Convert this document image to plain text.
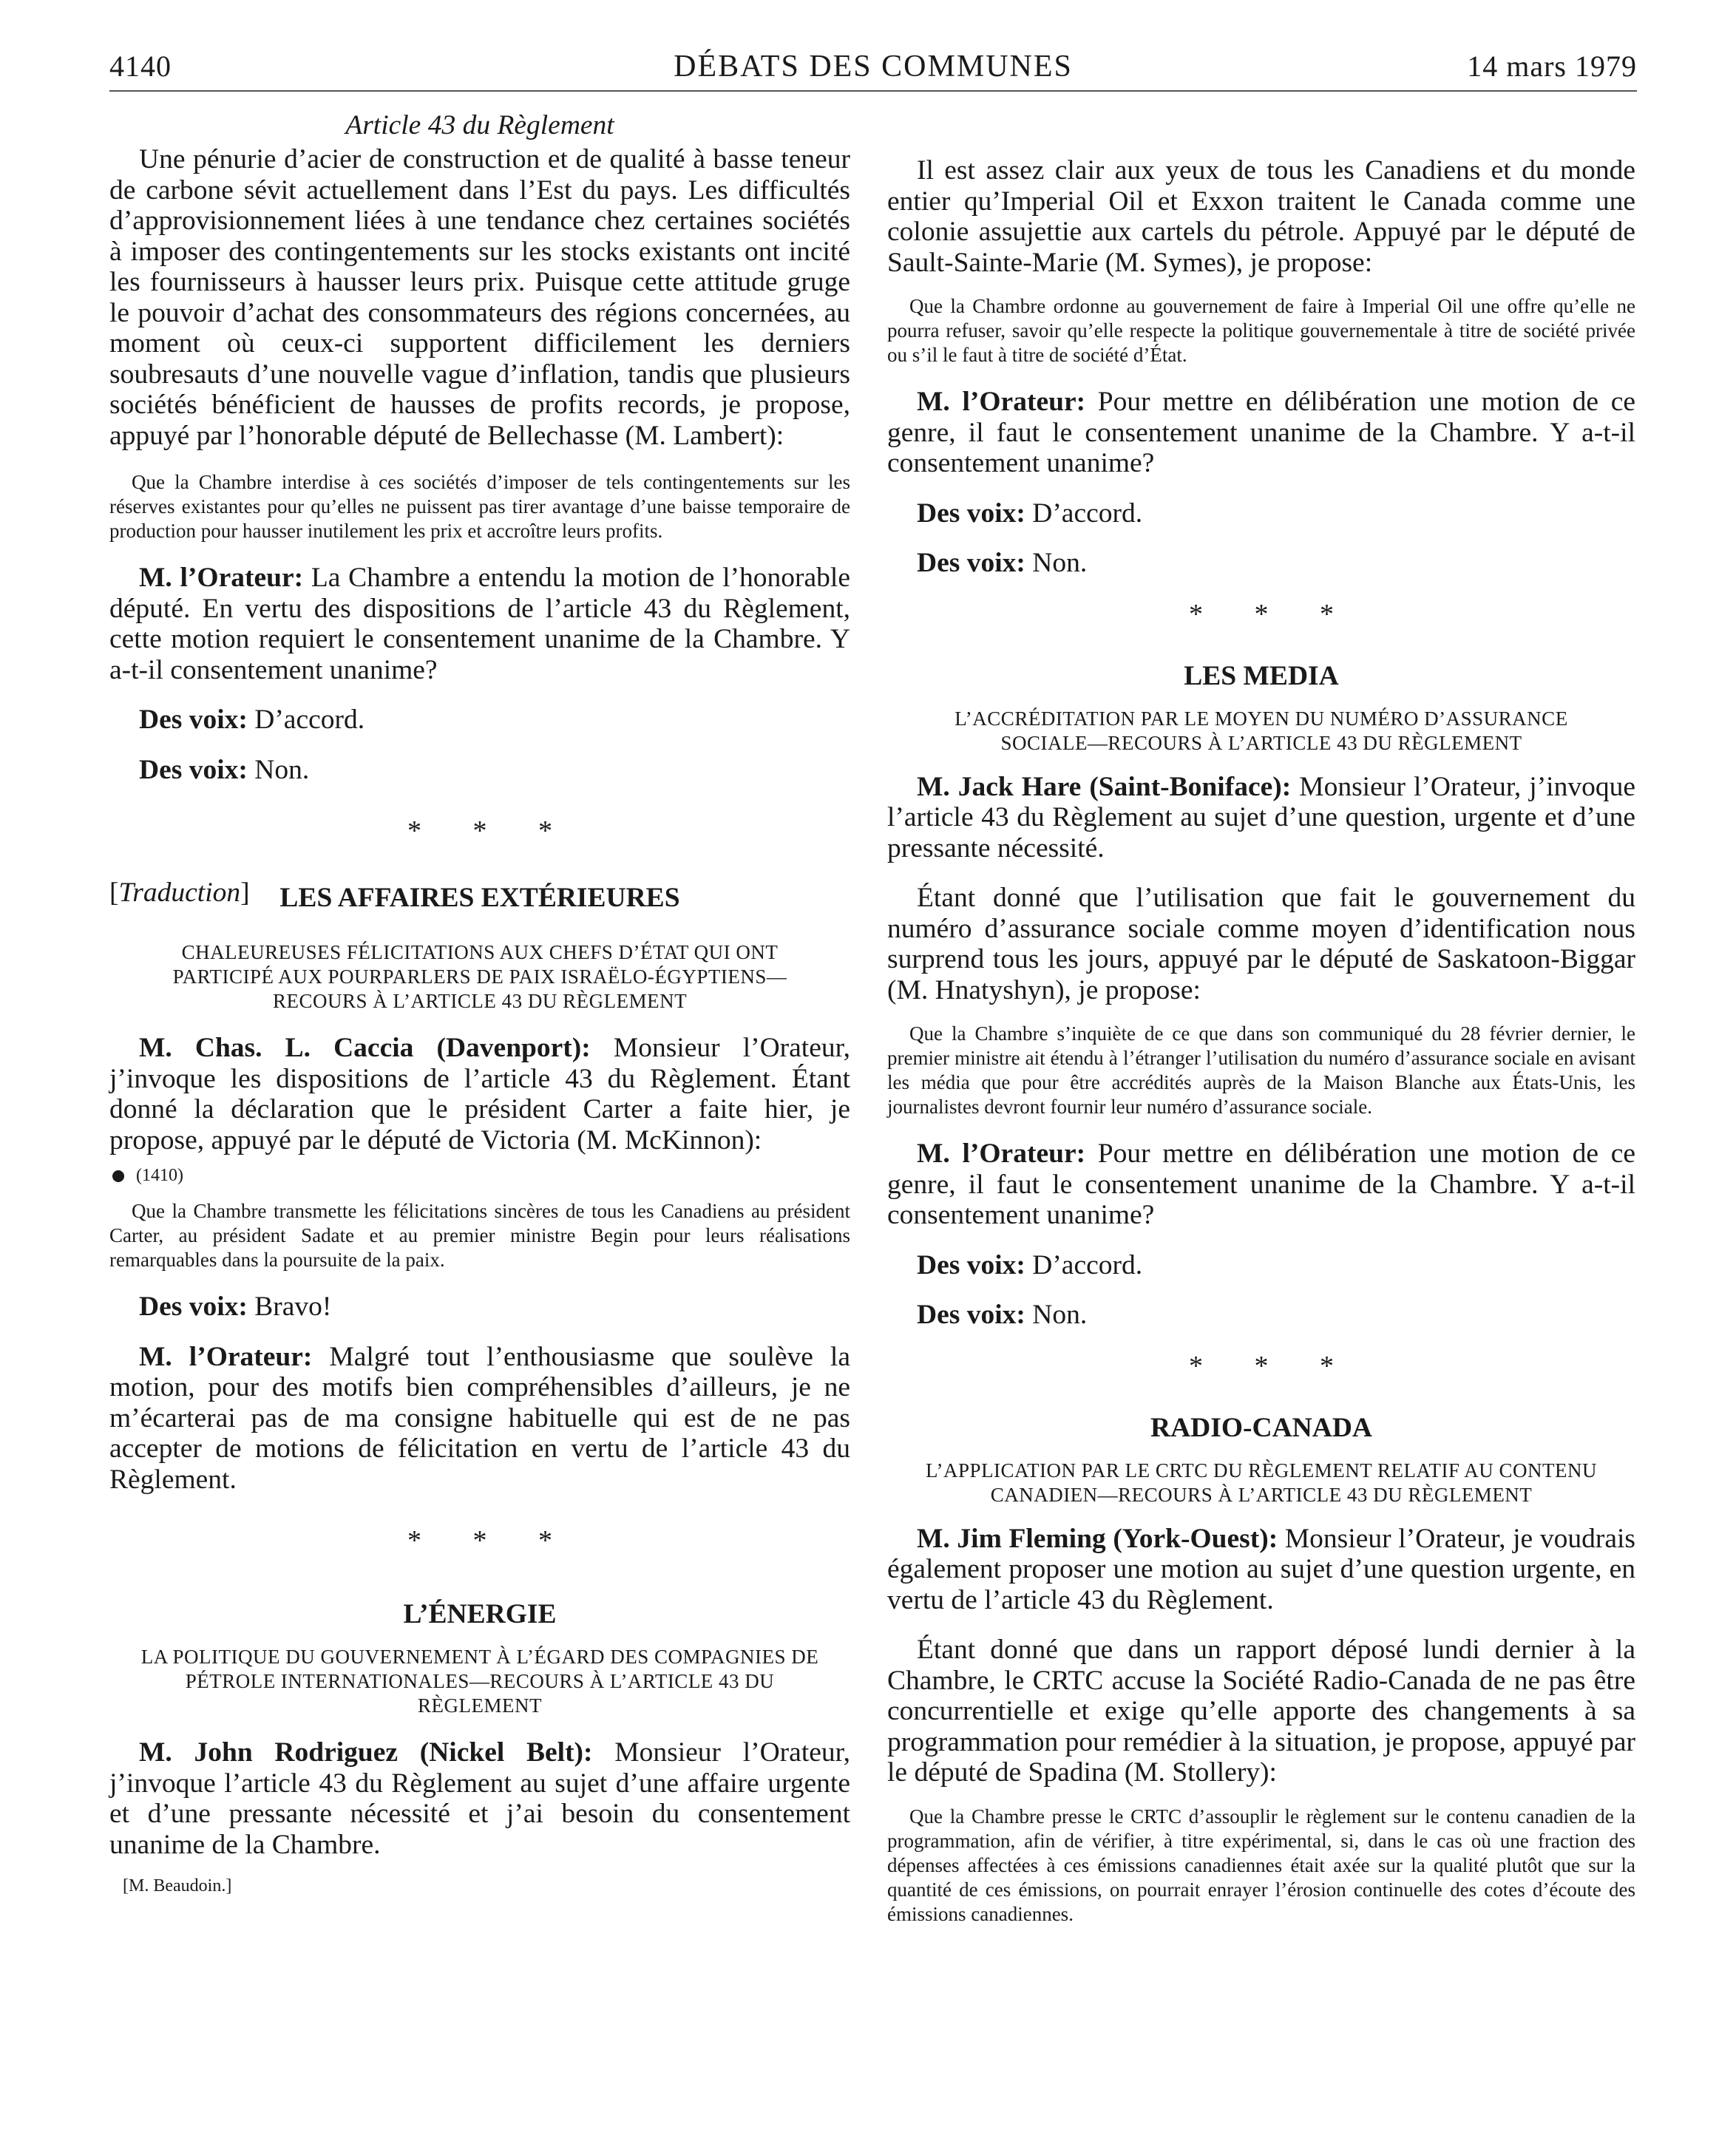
DÉBATS DES COMMUNES
4140	14 mars 1979
Article 43 du Règlement

Une pénurie d’acier de construction et de qualité à basse teneur de carbone sévit actuellement dans l’Est du pays. Les difficultés d’approvisionnement liées à une tendance chez certaines sociétés à imposer des contingentements sur les stocks existants ont incité les fournisseurs à hausser leurs prix. Puisque cette attitude gruge le pouvoir d’achat des consommateurs des régions concernées, au moment où ceux-ci supportent difficilement les derniers soubresauts d’une nouvelle vague d’inflation, tandis que plusieurs sociétés bénéficient de hausses de profits records, je propose, appuyé par l’honorable député de Bellechasse (M. Lambert):

Que la Chambre interdise à ces sociétés d’imposer de tels contingentements sur les réserves existantes pour qu’elles ne puissent pas tirer avantage d’une baisse temporaire de production pour hausser inutilement les prix et accroître leurs profits.

M. l’Orateur: La Chambre a entendu la motion de l’honorable député. En vertu des dispositions de l’article 43 du Règlement, cette motion requiert le consentement unanime de la Chambre. Y a-t-il consentement unanime?

Des voix: D’accord.

Des voix: Non.

* * *
[Traduction]	LES AFFAIRES EXTÉRIEURES
CHALEUREUSES FÉLICITATIONS AUX CHEFS D’ÉTAT QUI ONT PARTICIPÉ AUX POURPARLERS DE PAIX ISRAËLO-ÉGYPTIENS—RECOURS À L’ARTICLE 43 DU RÈGLEMENT

M. Chas. L. Caccia (Davenport): Monsieur l’Orateur, j’invoque les dispositions de l’article 43 du Règlement. Étant donné la déclaration que le président Carter a faite hier, je propose, appuyé par le député de Victoria (M. McKinnon):

(1410)

Que la Chambre transmette les félicitations sincères de tous les Canadiens au président Carter, au président Sadate et au premier ministre Begin pour leurs réalisations remarquables dans la poursuite de la paix.

Des voix: Bravo!

M. l’Orateur: Malgré tout l’enthousiasme que soulève la motion, pour des motifs bien compréhensibles d’ailleurs, je ne m’écarterai pas de ma consigne habituelle qui est de ne pas accepter de motions de félicitation en vertu de l’article 43 du Règlement.

* * *
L’ÉNERGIE
LA POLITIQUE DU GOUVERNEMENT À L’ÉGARD DES COMPAGNIES DE PÉTROLE INTERNATIONALES—RECOURS À L’ARTICLE 43 DU RÈGLEMENT

M. John Rodriguez (Nickel Belt): Monsieur l’Orateur, j’invoque l’article 43 du Règlement au sujet d’une affaire urgente et d’une pressante nécessité et j’ai besoin du consentement unanime de la Chambre.

[M. Beaudoin.]

Il est assez clair aux yeux de tous les Canadiens et du monde entier qu’Imperial Oil et Exxon traitent le Canada comme une colonie assujettie aux cartels du pétrole. Appuyé par le député de Sault-Sainte-Marie (M. Symes), je propose:

Que la Chambre ordonne au gouvernement de faire à Imperial Oil une offre qu’elle ne pourra refuser, savoir qu’elle respecte la politique gouvernementale à titre de société privée ou s’il le faut à titre de société d’État.

M. l’Orateur: Pour mettre en délibération une motion de ce genre, il faut le consentement unanime de la Chambre. Y a-t-il consentement unanime?

Des voix: D’accord.

Des voix: Non.

* * *
LES MEDIA
L’ACCRÉDITATION PAR LE MOYEN DU NUMÉRO D’ASSURANCE SOCIALE—RECOURS À L’ARTICLE 43 DU RÈGLEMENT

M. Jack Hare (Saint-Boniface): Monsieur l’Orateur, j’invoque l’article 43 du Règlement au sujet d’une question, urgente et d’une pressante nécessité.

Étant donné que l’utilisation que fait le gouvernement du numéro d’assurance sociale comme moyen d’identification nous surprend tous les jours, appuyé par le député de Saskatoon-Biggar (M. Hnatyshyn), je propose:

Que la Chambre s’inquiète de ce que dans son communiqué du 28 février dernier, le premier ministre ait étendu à l’étranger l’utilisation du numéro d’assurance sociale en avisant les média que pour être accrédités auprès de la Maison Blanche aux États-Unis, les journalistes devront fournir leur numéro d’assurance sociale.

M. l’Orateur: Pour mettre en délibération une motion de ce genre, il faut le consentement unanime de la Chambre. Y a-t-il consentement unanime?

Des voix: D’accord.

Des voix: Non.

* * *
RADIO-CANADA
L’APPLICATION PAR LE CRTC DU RÈGLEMENT RELATIF AU CONTENU CANADIEN—RECOURS À L’ARTICLE 43 DU RÈGLEMENT

M. Jim Fleming (York-Ouest): Monsieur l’Orateur, je voudrais également proposer une motion au sujet d’une question urgente, en vertu de l’article 43 du Règlement.

Étant donné que dans un rapport déposé lundi dernier à la Chambre, le CRTC accuse la Société Radio-Canada de ne pas être concurrentielle et exige qu’elle apporte des changements à sa programmation pour remédier à la situation, je propose, appuyé par le député de Spadina (M. Stollery):

Que la Chambre presse le CRTC d’assouplir le règlement sur le contenu canadien de la programmation, afin de vérifier, à titre expérimental, si, dans le cas où une fraction des dépenses affectées à ces émissions canadiennes était axée sur la qualité plutôt que sur la quantité de ces émissions, on pourrait enrayer l’érosion continuelle des cotes d’écoute des émissions canadiennes.
